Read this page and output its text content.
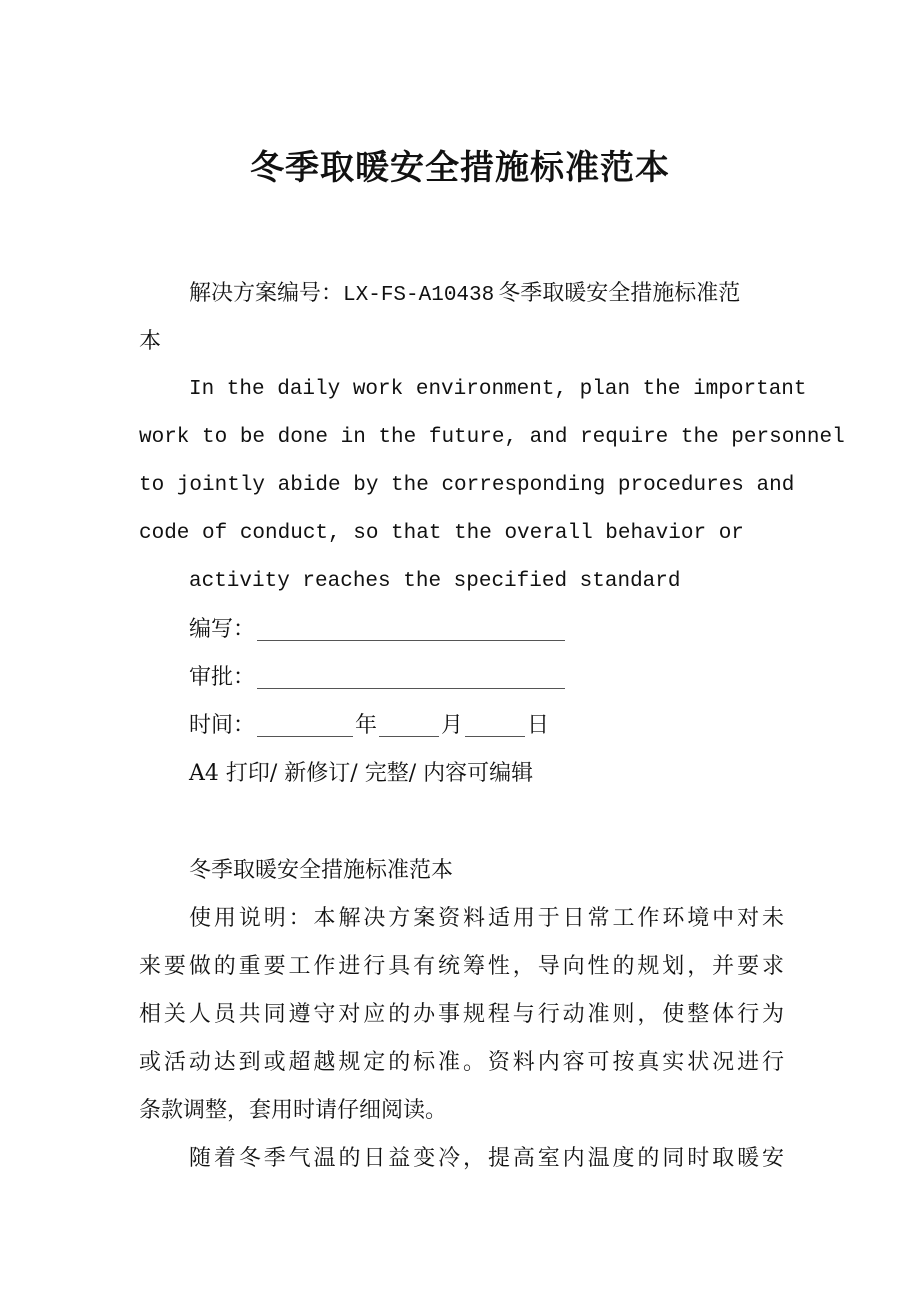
冬季取暖安全措施标准范本
解决方案编号：LX-FS-A10438 冬季取暖安全措施标准范
本
In the daily work environment, plan the important
work to be done in the future, and require the personnel
to jointly abide by the corresponding procedures and
code of conduct, so that the overall behavior or
activity reaches the specified standard
编写：
审批：
时间：	年	月	日
A4 打印/ 新修订/ 完整/ 内容可编辑
冬季取暖安全措施标准范本
使用说明：本解决方案资料适用于日常工作环境中对未
来要做的重要工作进行具有统筹性，导向性的规划，并要求
相关人员共同遵守对应的办事规程与行动准则，使整体行为
或活动达到或超越规定的标准。资料内容可按真实状况进行
条款调整，套用时请仔细阅读。
随着冬季气温的日益变冷，提高室内温度的同时取暖安
